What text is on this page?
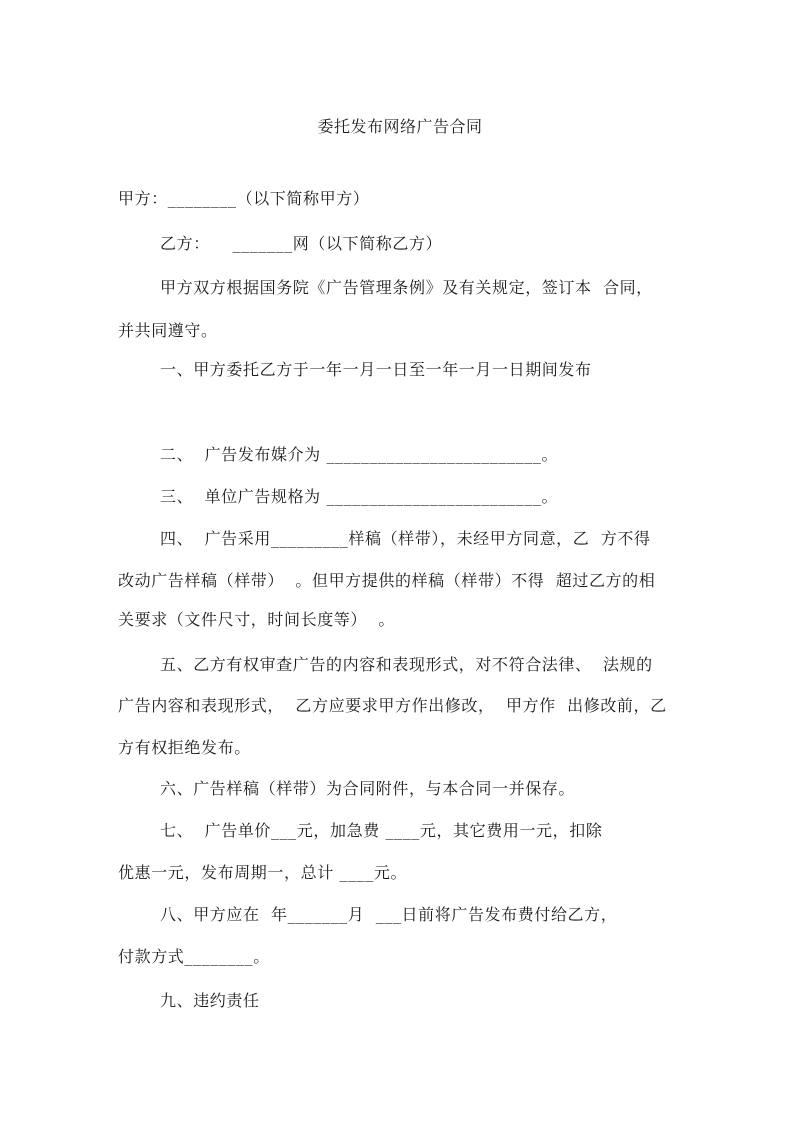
委托发布网络广告合同
甲方：________（以下简称甲方）
乙方：    _______网（以下简称乙方）
甲方双方根据国务院《广告管理条例》及有关规定，签订本  合同，
并共同遵守。
一、甲方委托乙方于一年一月一日至一年一月一日期间发布
二、  广告发布媒介为 _________________________。
三、  单位广告规格为 _________________________。
四、  广告采用_________样稿（样带），未经甲方同意，乙  方不得
改动广告样稿（样带）  。但甲方提供的样稿（样带）不得  超过乙方的相
关要求（文件尺寸，时间长度等）  。
五、乙方有权审查广告的内容和表现形式，对不符合法律、  法规的
广告内容和表现形式，  乙方应要求甲方作出修改，  甲方作  出修改前，乙
方有权拒绝发布。
六、广告样稿（样带）为合同附件，与本合同一并保存。
七、  广告单价___元，加急费 ____元，其它费用一元，扣除
优惠一元，发布周期一，总计 ____元。
八、甲方应在  年_______月  ___日前将广告发布费付给乙方，
付款方式________。
九、违约责任
